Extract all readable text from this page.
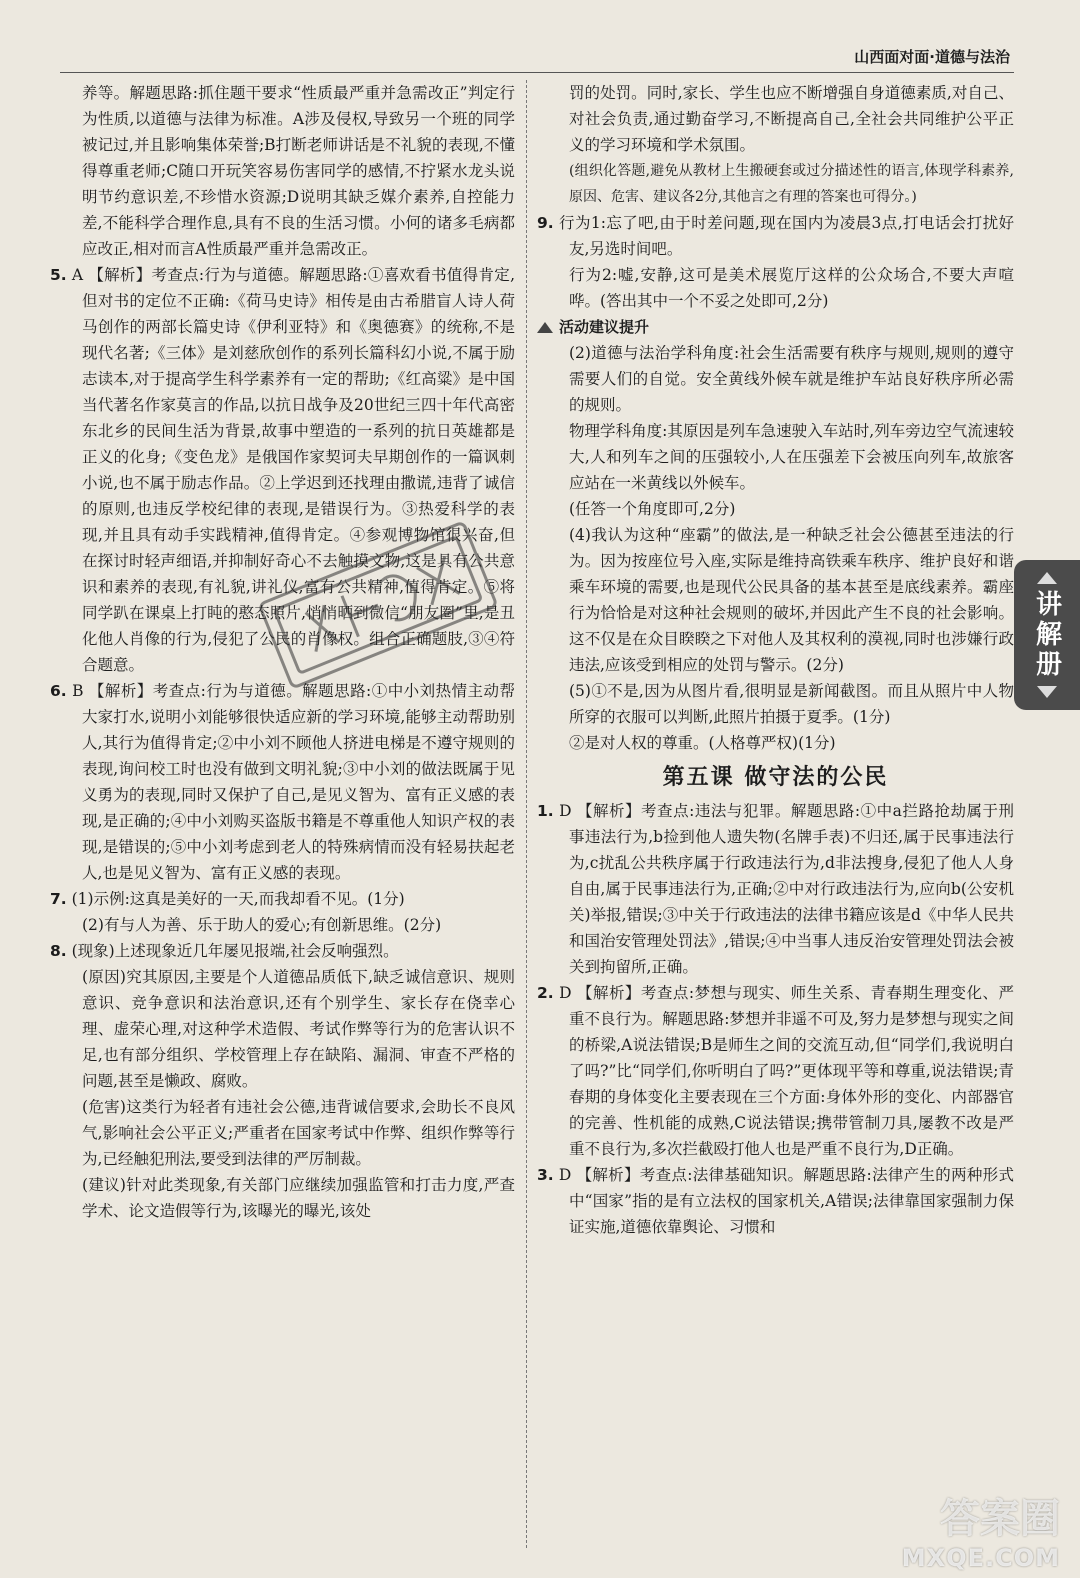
山西面对面·道德与法治

养等。解题思路:抓住题干要求“性质最严重并急需改正”判定行为性质,以道德与法律为标准。A涉及侵权,导致另一个班的同学被记过,并且影响集体荣誉;B打断老师讲话是不礼貌的表现,不懂得尊重老师;C随口开玩笑容易伤害同学的感情,不拧紧水龙头说明节约意识差,不珍惜水资源;D说明其缺乏媒介素养,自控能力差,不能科学合理作息,具有不良的生活习惯。小何的诸多毛病都应改正,相对而言A性质最严重并急需改正。

5. A 【解析】考查点:行为与道德。解题思路:①喜欢看书值得肯定,但对书的定位不正确:《荷马史诗》相传是由古希腊盲人诗人荷马创作的两部长篇史诗《伊利亚特》和《奥德赛》的统称,不是现代名著;《三体》是刘慈欣创作的系列长篇科幻小说,不属于励志读本,对于提高学生科学素养有一定的帮助;《红高粱》是中国当代著名作家莫言的作品,以抗日战争及20世纪三四十年代高密东北乡的民间生活为背景,故事中塑造的一系列的抗日英雄都是正义的化身;《变色龙》是俄国作家契诃夫早期创作的一篇讽刺小说,也不属于励志作品。②上学迟到还找理由撒谎,违背了诚信的原则,也违反学校纪律的表现,是错误行为。③热爱科学的表现,并且具有动手实践精神,值得肯定。④参观博物馆很兴奋,但在探讨时轻声细语,并抑制好奇心不去触摸文物,这是具有公共意识和素养的表现,有礼貌,讲礼仪,富有公共精神,值得肯定。⑤将同学趴在课桌上打盹的憨态照片,悄悄晒到微信“朋友圈”里,是丑化他人肖像的行为,侵犯了公民的肖像权。组合正确题肢,③④符合题意。

6. B 【解析】考查点:行为与道德。解题思路:①中小刘热情主动帮大家打水,说明小刘能够很快适应新的学习环境,能够主动帮助别人,其行为值得肯定;②中小刘不顾他人挤进电梯是不遵守规则的表现,询问校工时也没有做到文明礼貌;③中小刘的做法既属于见义勇为的表现,同时又保护了自己,是见义智为、富有正义感的表现,是正确的;④中小刘购买盗版书籍是不尊重他人知识产权的表现,是错误的;⑤中小刘考虑到老人的特殊病情而没有轻易扶起老人,也是见义智为、富有正义感的表现。

7. (1)示例:这真是美好的一天,而我却看不见。(1分)

(2)有与人为善、乐于助人的爱心;有创新思维。(2分)

8. (现象)上述现象近几年屡见报端,社会反响强烈。

(原因)究其原因,主要是个人道德品质低下,缺乏诚信意识、规则意识、竞争意识和法治意识,还有个别学生、家长存在侥幸心理、虚荣心理,对这种学术造假、考试作弊等行为的危害认识不足,也有部分组织、学校管理上存在缺陷、漏洞、审查不严格的问题,甚至是懒政、腐败。

(危害)这类行为轻者有违社会公德,违背诚信要求,会助长不良风气,影响社会公平正义;严重者在国家考试中作弊、组织作弊等行为,已经触犯刑法,要受到法律的严厉制裁。

(建议)针对此类现象,有关部门应继续加强监管和打击力度,严查学术、论文造假等行为,该曝光的曝光,该处

罚的处罚。同时,家长、学生也应不断增强自身道德素质,对自己、对社会负责,通过勤奋学习,不断提高自己,全社会共同维护公平正义的学习环境和学术氛围。

(组织化答题,避免从教材上生搬硬套或过分描述性的语言,体现学科素养,原因、危害、建议各2分,其他言之有理的答案也可得分。)

9. 行为1:忘了吧,由于时差问题,现在国内为凌晨3点,打电话会打扰好友,另选时间吧。

行为2:嘘,安静,这可是美术展览厅这样的公众场合,不要大声喧哗。(答出其中一个不妥之处即可,2分)

活动建议提升

(2)道德与法治学科角度:社会生活需要有秩序与规则,规则的遵守需要人们的自觉。安全黄线外候车就是维护车站良好秩序所必需的规则。

物理学科角度:其原因是列车急速驶入车站时,列车旁边空气流速较大,人和列车之间的压强较小,人在压强差下会被压向列车,故旅客应站在一米黄线以外候车。

(任答一个角度即可,2分)

(4)我认为这种“座霸”的做法,是一种缺乏社会公德甚至违法的行为。因为按座位号入座,实际是维持高铁乘车秩序、维护良好和谐乘车环境的需要,也是现代公民具备的基本甚至是底线素养。霸座行为恰恰是对这种社会规则的破坏,并因此产生不良的社会影响。这不仅是在众目睽睽之下对他人及其权利的漠视,同时也涉嫌行政违法,应该受到相应的处罚与警示。(2分)

(5)①不是,因为从图片看,很明显是新闻截图。而且从照片中人物所穿的衣服可以判断,此照片拍摄于夏季。(1分)

②是对人权的尊重。(人格尊严权)(1分)

第五课 做守法的公民

1. D 【解析】考查点:违法与犯罪。解题思路:①中a拦路抢劫属于刑事违法行为,b捡到他人遗失物(名牌手表)不归还,属于民事违法行为,c扰乱公共秩序属于行政违法行为,d非法搜身,侵犯了他人人身自由,属于民事违法行为,正确;②中对行政违法行为,应向b(公安机关)举报,错误;③中关于行政违法的法律书籍应该是d《中华人民共和国治安管理处罚法》,错误;④中当事人违反治安管理处罚法会被关到拘留所,正确。

2. D 【解析】考查点:梦想与现实、师生关系、青春期生理变化、严重不良行为。解题思路:梦想并非遥不可及,努力是梦想与现实之间的桥梁,A说法错误;B是师生之间的交流互动,但“同学们,我说明白了吗?”比“同学们,你听明白了吗?”更体现平等和尊重,说法错误;青春期的身体变化主要表现在三个方面:身体外形的变化、内部器官的完善、性机能的成熟,C说法错误;携带管制刀具,屡教不改是严重不良行为,多次拦截殴打他人也是严重不良行为,D正确。

3. D 【解析】考查点:法律基础知识。解题思路:法律产生的两种形式中“国家”指的是有立法权的国家机关,A错误;法律靠国家强制力保证实施,道德依靠舆论、习惯和

讲解册
答案圈
MXQE.COM
